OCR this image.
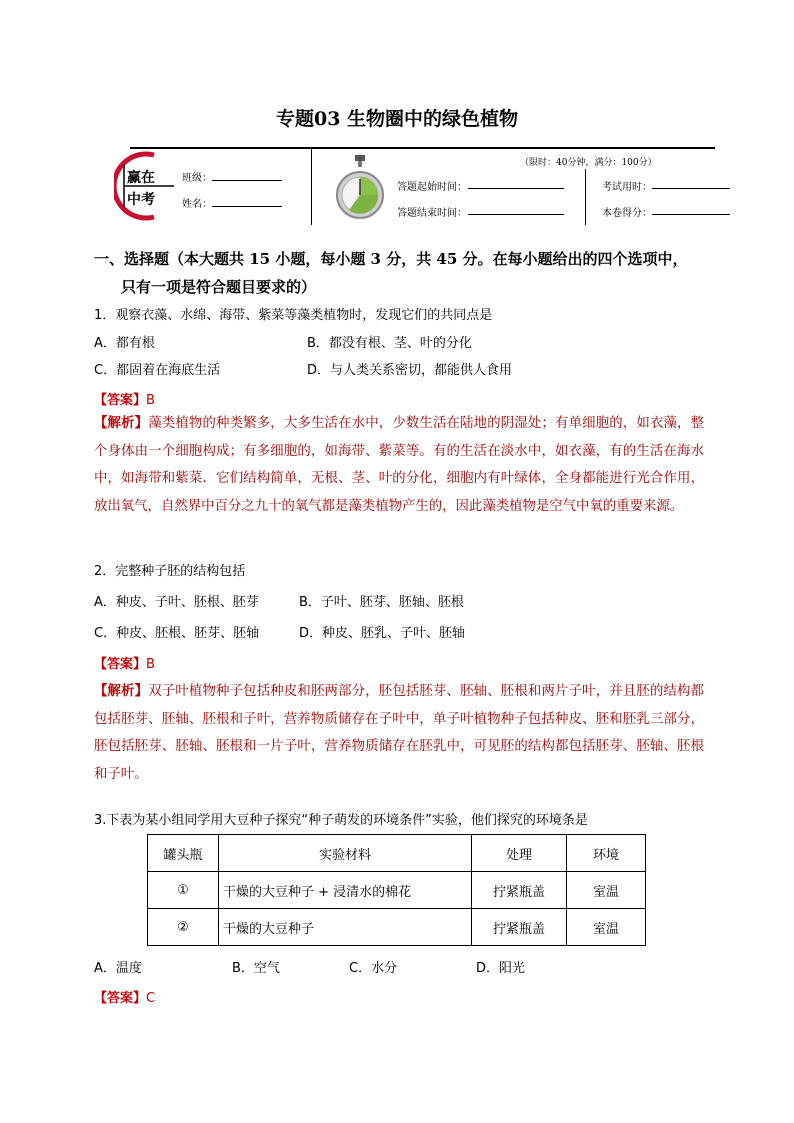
专题03 生物圈中的绿色植物
赢在
中考
班级：
姓名：
（限时：40分钟，满分：100分）
答题起始时间：
答题结束时间：
考试用时：
本卷得分：
一、选择题（本大题共 15 小题，每小题 3 分，共 45 分。在每小题给出的四个选项中，
只有一项是符合题目要求的）
1．观察衣藻、水绵、海带、紫菜等藻类植物时，发现它们的共同点是
A．都有根	B．都没有根、茎、叶的分化
C．都固着在海底生活	D．与人类关系密切，都能供人食用
【答案】B
【解析】藻类植物的种类繁多，大多生活在水中，少数生活在陆地的阴湿处；有单细胞的，如衣藻，整个身体由一个细胞构成；有多细胞的，如海带、紫菜等。有的生活在淡水中，如衣藻，有的生活在海水中，如海带和紫菜．它们结构简单，无根、茎、叶的分化，细胞内有叶绿体，全身都能进行光合作用，放出氧气，自然界中百分之九十的氧气都是藻类植物产生的，因此藻类植物是空气中氧的重要来源。
2．完整种子胚的结构包括
A．种皮、子叶、胚根、胚芽	B．子叶、胚芽、胚轴、胚根
C．种皮、胚根、胚芽、胚轴	D．种皮、胚乳、子叶、胚轴
【答案】B
【解析】双子叶植物种子包括种皮和胚两部分，胚包括胚芽、胚轴、胚根和两片子叶，并且胚的结构都包括胚芽、胚轴、胚根和子叶，营养物质储存在子叶中，单子叶植物种子包括种皮、胚和胚乳三部分，胚包括胚芽、胚轴、胚根和一片子叶，营养物质储存在胚乳中，可见胚的结构都包括胚芽、胚轴、胚根和子叶。
3.下表为某小组同学用大豆种子探究“种子萌发的环境条件”实验，他们探究的环境条是
罐头瓶	实验材料	处理	环境
①	干燥的大豆种子 + 浸清水的棉花	拧紧瓶盖	室温
②	干燥的大豆种子	拧紧瓶盖	室温
A．温度	B．空气	C．水分	D．阳光
【答案】C
